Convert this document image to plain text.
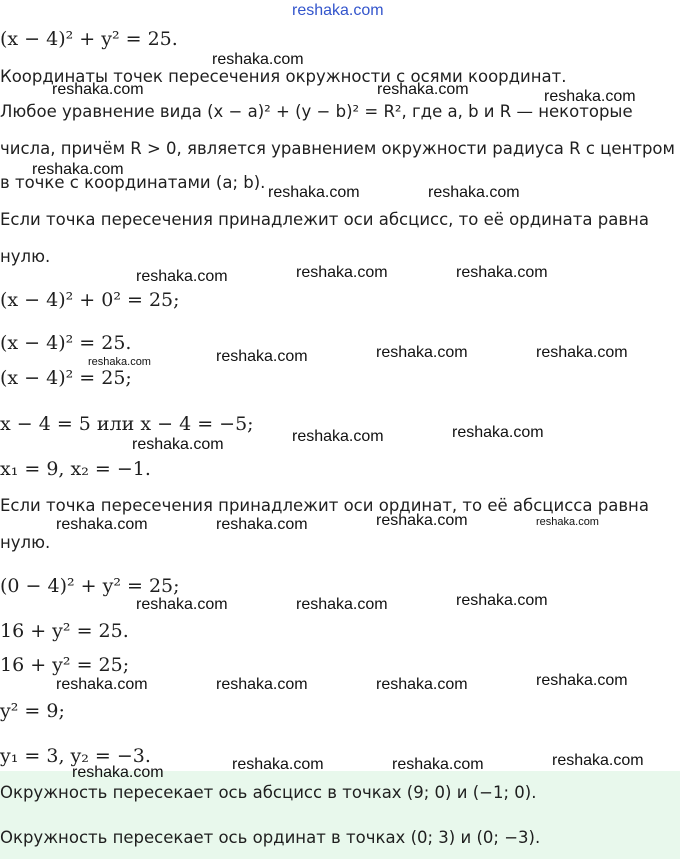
(x − 4)² + y² = 25.
Координаты точек пересечения окружности с осями координат.
Любое уравнение вида (x − a)² + (y − b)² = R², где a, b и R — некоторые
числа, причём R > 0, является уравнением окружности радиуса R с центром
в точке с координатами (a; b).
Если точка пересечения принадлежит оси абсцисс, то её ордината равна
нулю.
(x − 4)² + 0² = 25;
(x − 4)² = 25.
(x − 4)² = 25;
x − 4 = 5 или x − 4 = −5;
x₁ = 9, x₂ = −1.
Если точка пересечения принадлежит оси ординат, то её абсцисса равна
нулю.
(0 − 4)² + y² = 25;
16 + y² = 25.
16 + y² = 25;
y² = 9;
y₁ = 3, y₂ = −3.
Окружность пересекает ось абсцисс в точках (9; 0) и (−1; 0).
Окружность пересекает ось ординат в точках (0; 3) и (0; −3).
reshaka.com
reshaka.com
reshaka.com	reshaka.com	reshaka.com
reshaka.com
reshaka.com	reshaka.com
reshaka.com	reshaka.com	reshaka.com
reshaka.com	reshaka.com	reshaka.com	reshaka.com
reshaka.com	reshaka.com	reshaka.com
reshaka.com	reshaka.com	reshaka.com	reshaka.com
reshaka.com	reshaka.com	reshaka.com
reshaka.com	reshaka.com	reshaka.com	reshaka.com
reshaka.com	reshaka.com	reshaka.com
reshaka.com
